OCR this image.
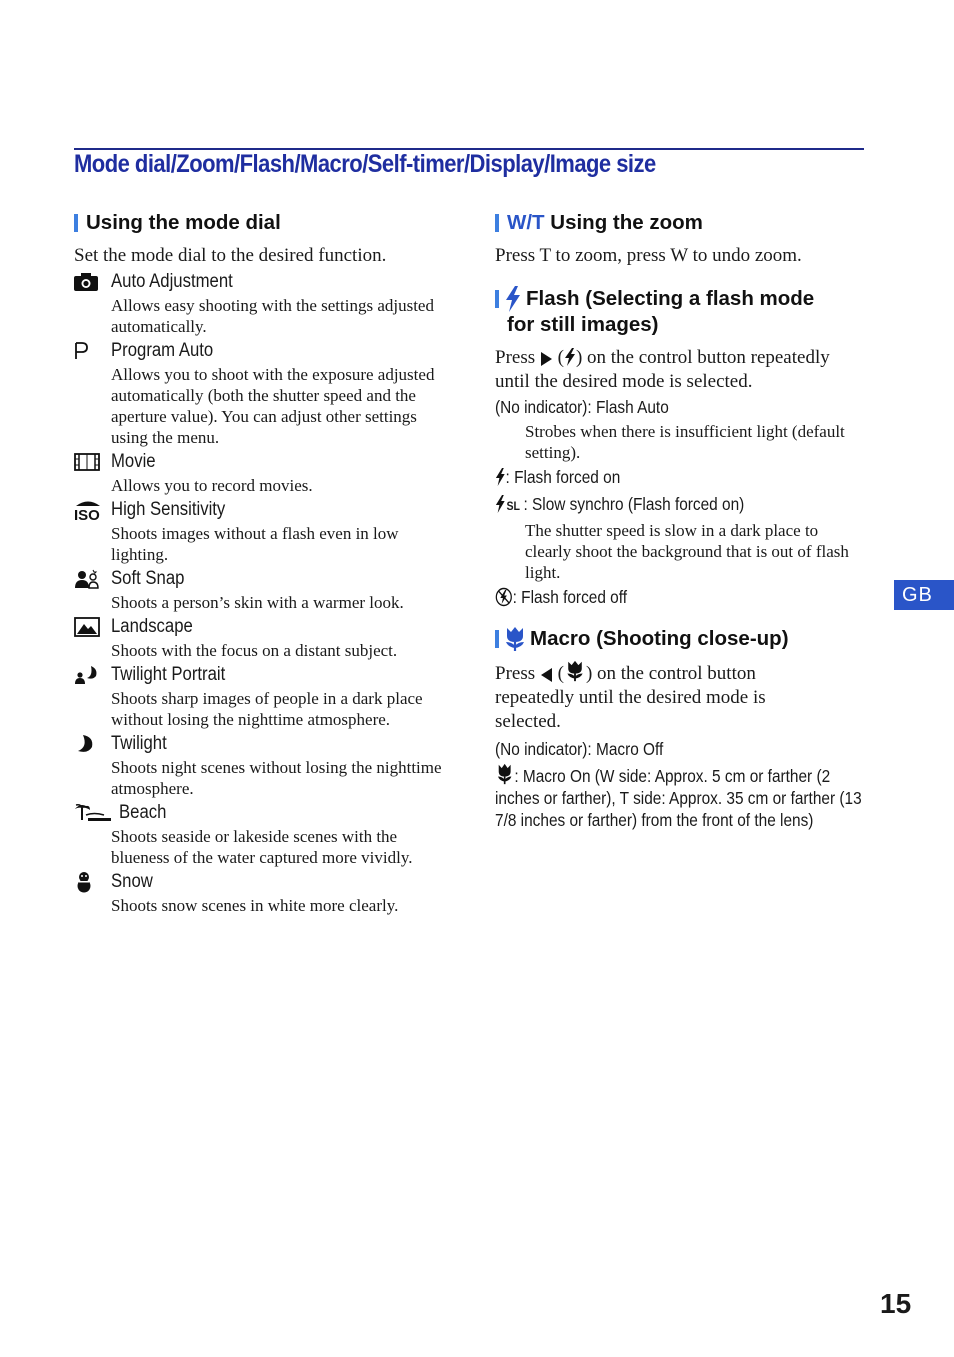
Mode dial/Zoom/Flash/Macro/Self-timer/Display/Image size
Using the mode dial

Set the mode dial to the desired function.

Auto Adjustment

Allows easy shooting with the settings adjusted automatically.

Program Auto

Allows you to shoot with the exposure adjusted automatically (both the shutter speed and the aperture value). You can adjust other settings using the menu.

Movie

Allows you to record movies.

ISO High Sensitivity

Shoots images without a flash even in low lighting.

Soft Snap

Shoots a person’s skin with a warmer look.

Landscape

Shoots with the focus on a distant subject.

Twilight Portrait

Shoots sharp images of people in a dark place without losing the nighttime atmosphere.

Twilight

Shoots night scenes without losing the nighttime atmosphere.

Beach

Shoots seaside or lakeside scenes with the blueness of the water captured more vividly.

Snow

Shoots snow scenes in white more clearly.

W/T
Using the zoom

Press T to zoom, press W to undo zoom.

Flash (Selecting a flash mode
for still images)

Press ( ) on the control button repeatedly
until the desired mode is selected.

(No indicator): Flash Auto

Strobes when there is insufficient light (default setting).

: Flash forced on
SL : Slow synchro (Flash forced on)

The shutter speed is slow in a dark place to clearly shoot the background that is out of flash light.

: Flash forced off
Macro (Shooting close-up)

Press ( ) on the control button
repeatedly until the desired mode is
selected.

(No indicator): Macro Off
: Macro On (W side: Approx. 5 cm or farther (2 inches or farther), T side: Approx. 35 cm or farther (13 7/8 inches or farther) from the front of the lens)
GB
15
